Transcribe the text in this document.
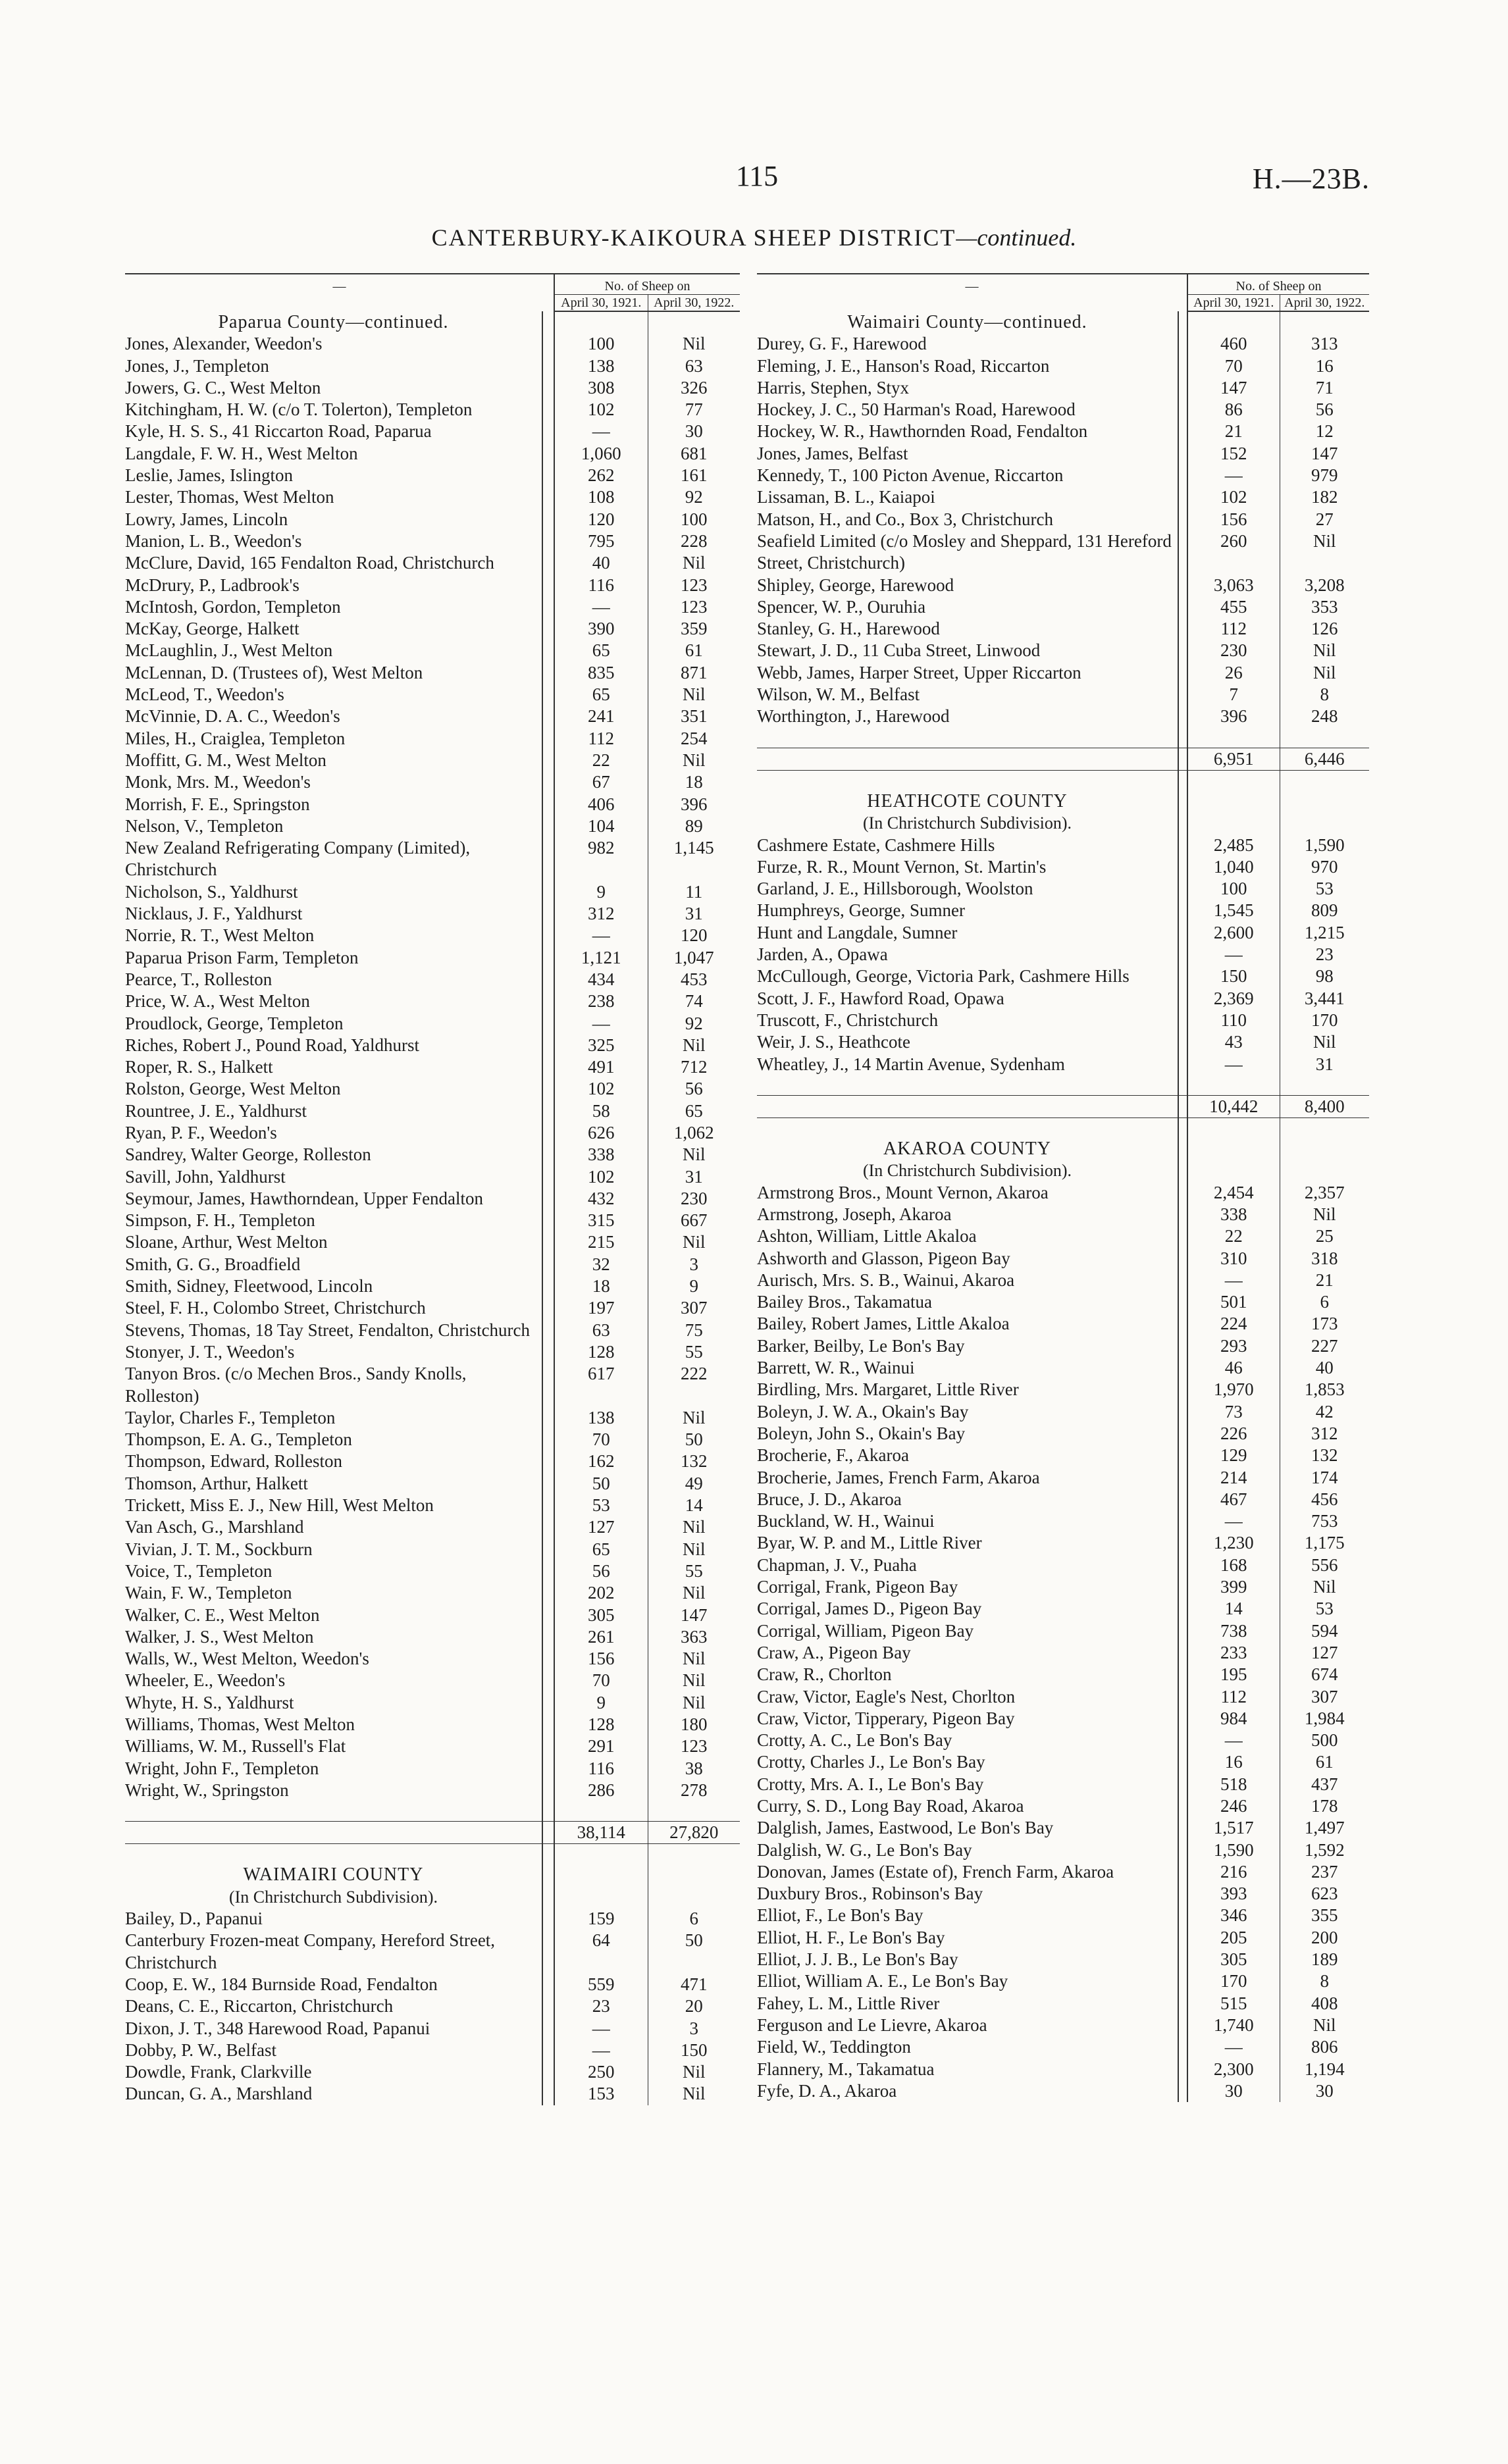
115	H.—23B.
CANTERBURY-KAIKOURA SHEEP DISTRICT—continued.
—		No. of Sheep on	
		April 30, 1921.	April 30, 1922.
Paparua County—continued.			
Jones, Alexander, Weedon's		100	Nil
Jones, J., Templeton		138	63
Jowers, G. C., West Melton		308	326
Kitchingham, H. W. (c/o T. Tolerton), Templeton		102	77
Kyle, H. S. S., 41 Riccarton Road, Paparua		—	30
Langdale, F. W. H., West Melton		1,060	681
Leslie, James, Islington		262	161
Lester, Thomas, West Melton		108	92
Lowry, James, Lincoln		120	100
Manion, L. B., Weedon's		795	228
McClure, David, 165 Fendalton Road, Christchurch		40	Nil
McDrury, P., Ladbrook's		116	123
McIntosh, Gordon, Templeton		—	123
McKay, George, Halkett		390	359
McLaughlin, J., West Melton		65	61
McLennan, D. (Trustees of), West Melton		835	871
McLeod, T., Weedon's		65	Nil
McVinnie, D. A. C., Weedon's		241	351
Miles, H., Craiglea, Templeton		112	254
Moffitt, G. M., West Melton		22	Nil
Monk, Mrs. M., Weedon's		67	18
Morrish, F. E., Springston		406	396
Nelson, V., Templeton		104	89
New Zealand Refrigerating Company (Limited), Christchurch		982	1,145
Nicholson, S., Yaldhurst		9	11
Nicklaus, J. F., Yaldhurst		312	31
Norrie, R. T., West Melton		—	120
Paparua Prison Farm, Templeton		1,121	1,047
Pearce, T., Rolleston		434	453
Price, W. A., West Melton		238	74
Proudlock, George, Templeton		—	92
Riches, Robert J., Pound Road, Yaldhurst		325	Nil
Roper, R. S., Halkett		491	712
Rolston, George, West Melton		102	56
Rountree, J. E., Yaldhurst		58	65
Ryan, P. F., Weedon's		626	1,062
Sandrey, Walter George, Rolleston		338	Nil
Savill, John, Yaldhurst		102	31
Seymour, James, Hawthorndean, Upper Fendalton		432	230
Simpson, F. H., Templeton		315	667
Sloane, Arthur, West Melton		215	Nil
Smith, G. G., Broadfield		32	3
Smith, Sidney, Fleetwood, Lincoln		18	9
Steel, F. H., Colombo Street, Christchurch		197	307
Stevens, Thomas, 18 Tay Street, Fendalton, Christchurch		63	75
Stonyer, J. T., Weedon's		128	55
Tanyon Bros. (c/o Mechen Bros., Sandy Knolls, Rolleston)		617	222
Taylor, Charles F., Templeton		138	Nil
Thompson, E. A. G., Templeton		70	50
Thompson, Edward, Rolleston		162	132
Thomson, Arthur, Halkett		50	49
Trickett, Miss E. J., New Hill, West Melton		53	14
Van Asch, G., Marshland		127	Nil
Vivian, J. T. M., Sockburn		65	Nil
Voice, T., Templeton		56	55
Wain, F. W., Templeton		202	Nil
Walker, C. E., West Melton		305	147
Walker, J. S., West Melton		261	363
Walls, W., West Melton, Weedon's		156	Nil
Wheeler, E., Weedon's		70	Nil
Whyte, H. S., Yaldhurst		9	Nil
Williams, Thomas, West Melton		128	180
Williams, W. M., Russell's Flat		291	123
Wright, John F., Templeton		116	38
Wright, W., Springston		286	278

		38,114	27,820

WAIMAIRI COUNTY			
(In Christchurch Subdivision).			
Bailey, D., Papanui		159	6
Canterbury Frozen-meat Company, Hereford Street, Christchurch		64	50
Coop, E. W., 184 Burnside Road, Fendalton		559	471
Deans, C. E., Riccarton, Christchurch		23	20
Dixon, J. T., 348 Harewood Road, Papanui		—	3
Dobby, P. W., Belfast		—	150
Dowdle, Frank, Clarkville		250	Nil
Duncan, G. A., Marshland		153	Nil
—		No. of Sheep on	
		April 30, 1921.	April 30, 1922.
Waimairi County—continued.			
Durey, G. F., Harewood		460	313
Fleming, J. E., Hanson's Road, Riccarton		70	16
Harris, Stephen, Styx		147	71
Hockey, J. C., 50 Harman's Road, Harewood		86	56
Hockey, W. R., Hawthornden Road, Fendalton		21	12
Jones, James, Belfast		152	147
Kennedy, T., 100 Picton Avenue, Riccarton		—	979
Lissaman, B. L., Kaiapoi		102	182
Matson, H., and Co., Box 3, Christchurch		156	27
Seafield Limited (c/o Mosley and Sheppard, 131 Hereford Street, Christchurch)		260	Nil
Shipley, George, Harewood		3,063	3,208
Spencer, W. P., Ouruhia		455	353
Stanley, G. H., Harewood		112	126
Stewart, J. D., 11 Cuba Street, Linwood		230	Nil
Webb, James, Harper Street, Upper Riccarton		26	Nil
Wilson, W. M., Belfast		7	8
Worthington, J., Harewood		396	248

		6,951	6,446

HEATHCOTE COUNTY			
(In Christchurch Subdivision).			
Cashmere Estate, Cashmere Hills		2,485	1,590
Furze, R. R., Mount Vernon, St. Martin's		1,040	970
Garland, J. E., Hillsborough, Woolston		100	53
Humphreys, George, Sumner		1,545	809
Hunt and Langdale, Sumner		2,600	1,215
Jarden, A., Opawa		—	23
McCullough, George, Victoria Park, Cashmere Hills		150	98
Scott, J. F., Hawford Road, Opawa		2,369	3,441
Truscott, F., Christchurch		110	170
Weir, J. S., Heathcote		43	Nil
Wheatley, J., 14 Martin Avenue, Sydenham		—	31

		10,442	8,400

AKAROA COUNTY			
(In Christchurch Subdivision).			
Armstrong Bros., Mount Vernon, Akaroa		2,454	2,357
Armstrong, Joseph, Akaroa		338	Nil
Ashton, William, Little Akaloa		22	25
Ashworth and Glasson, Pigeon Bay		310	318
Aurisch, Mrs. S. B., Wainui, Akaroa		—	21
Bailey Bros., Takamatua		501	6
Bailey, Robert James, Little Akaloa		224	173
Barker, Beilby, Le Bon's Bay		293	227
Barrett, W. R., Wainui		46	40
Birdling, Mrs. Margaret, Little River		1,970	1,853
Boleyn, J. W. A., Okain's Bay		73	42
Boleyn, John S., Okain's Bay		226	312
Brocherie, F., Akaroa		129	132
Brocherie, James, French Farm, Akaroa		214	174
Bruce, J. D., Akaroa		467	456
Buckland, W. H., Wainui		—	753
Byar, W. P. and M., Little River		1,230	1,175
Chapman, J. V., Puaha		168	556
Corrigal, Frank, Pigeon Bay		399	Nil
Corrigal, James D., Pigeon Bay		14	53
Corrigal, William, Pigeon Bay		738	594
Craw, A., Pigeon Bay		233	127
Craw, R., Chorlton		195	674
Craw, Victor, Eagle's Nest, Chorlton		112	307
Craw, Victor, Tipperary, Pigeon Bay		984	1,984
Crotty, A. C., Le Bon's Bay		—	500
Crotty, Charles J., Le Bon's Bay		16	61
Crotty, Mrs. A. I., Le Bon's Bay		518	437
Curry, S. D., Long Bay Road, Akaroa		246	178
Dalglish, James, Eastwood, Le Bon's Bay		1,517	1,497
Dalglish, W. G., Le Bon's Bay		1,590	1,592
Donovan, James (Estate of), French Farm, Akaroa		216	237
Duxbury Bros., Robinson's Bay		393	623
Elliot, F., Le Bon's Bay		346	355
Elliot, H. F., Le Bon's Bay		205	200
Elliot, J. J. B., Le Bon's Bay		305	189
Elliot, William A. E., Le Bon's Bay		170	8
Fahey, L. M., Little River		515	408
Ferguson and Le Lievre, Akaroa		1,740	Nil
Field, W., Teddington		—	806
Flannery, M., Takamatua		2,300	1,194
Fyfe, D. A., Akaroa		30	30
